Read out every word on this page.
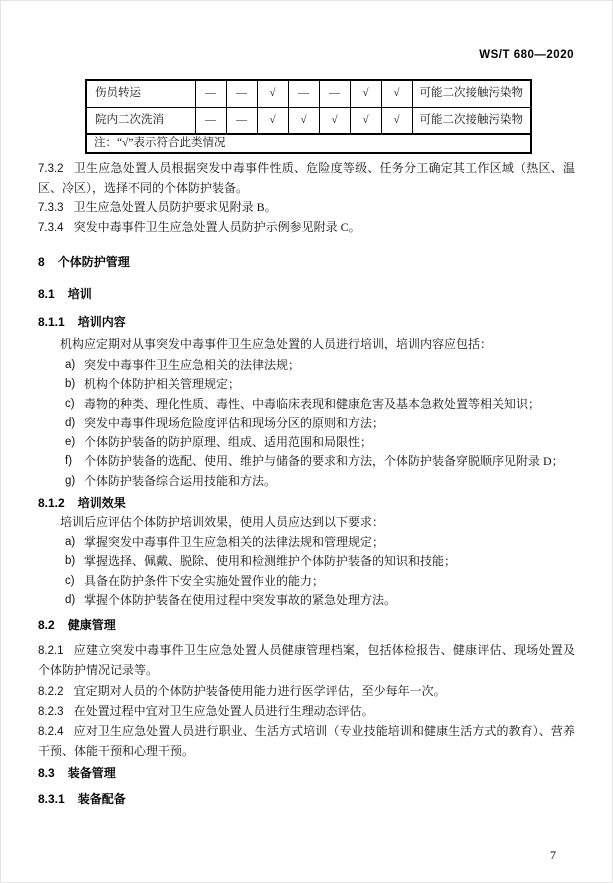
WS/T 680—2020
伤员转运	—	—	√	—	—	√	√	可能二次接触污染物
院内二次洗消	—	—	√	√	√	√	√	可能二次接触污染物
注：“√”表示符合此类情况								

7.3.2 卫生应急处置人员根据突发中毒事件性质、危险度等级、任务分工确定其工作区域（热区、温区、冷区），选择不同的个体防护装备。

7.3.3 卫生应急处置人员防护要求见附录 B。

7.3.4 突发中毒事件卫生应急处置人员防护示例参见附录 C。

8 个体防护管理

8.1 培训

8.1.1 培训内容

机构应定期对从事突发中毒事件卫生应急处置的人员进行培训，培训内容应包括：

a) 突发中毒事件卫生应急相关的法律法规；
b) 机构个体防护相关管理规定；
c) 毒物的种类、理化性质、毒性、中毒临床表现和健康危害及基本急救处置等相关知识；
d) 突发中毒事件现场危险度评估和现场分区的原则和方法；
e) 个体防护装备的防护原理、组成、适用范围和局限性；
f) 个体防护装备的选配、使用、维护与储备的要求和方法，个体防护装备穿脱顺序见附录 D；
g) 个体防护装备综合运用技能和方法。

8.1.2 培训效果

培训后应评估个体防护培训效果，使用人员应达到以下要求：

a) 掌握突发中毒事件卫生应急相关的法律法规和管理规定；
b) 掌握选择、佩戴、脱除、使用和检测维护个体防护装备的知识和技能；
c) 具备在防护条件下安全实施处置作业的能力；
d) 掌握个体防护装备在使用过程中突发事故的紧急处理方法。

8.2 健康管理

8.2.1 应建立突发中毒事件卫生应急处置人员健康管理档案，包括体检报告、健康评估、现场处置及个体防护情况记录等。

8.2.2 宜定期对人员的个体防护装备使用能力进行医学评估，至少每年一次。

8.2.3 在处置过程中宜对卫生应急处置人员进行生理动态评估。

8.2.4 应对卫生应急处置人员进行职业、生活方式培训（专业技能培训和健康生活方式的教育）、营养干预、体能干预和心理干预。

8.3 装备管理

8.3.1 装备配备

7
